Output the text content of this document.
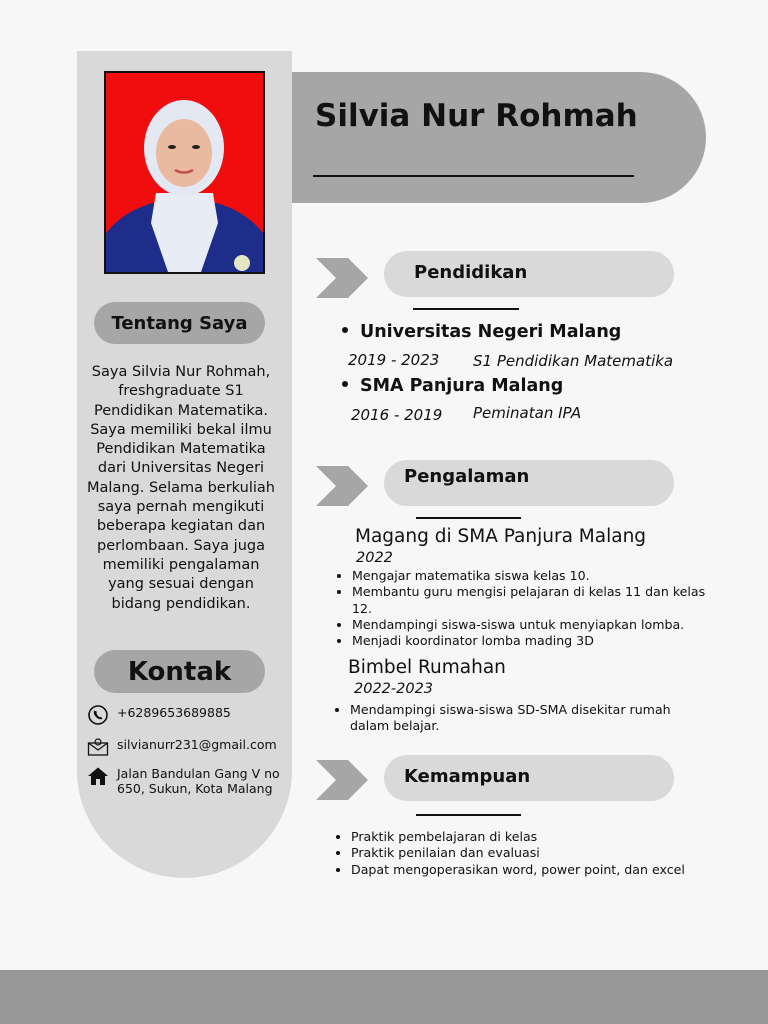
Tentang Saya

Saya Silvia Nur Rohmah, freshgraduate S1 Pendidikan Matematika. Saya memiliki bekal ilmu Pendidikan Matematika dari Universitas Negeri Malang. Selama berkuliah saya pernah mengikuti beberapa kegiatan dan perlombaan. Saya juga memiliki pengalaman yang sesuai dengan bidang pendidikan.

Kontak
+6289653689885
silvianurr231@gmail.com
Jalan Bandulan Gang V no 650, Sukun, Kota Malang
Silvia Nur Rohmah
Pendidikan
Universitas Negeri Malang
2019 - 2023 S1 Pendidikan Matematika
SMA Panjura Malang
2016 - 2019 Peminatan IPA
Pengalaman
Magang di SMA Panjura Malang
2022
• Mengajar matematika siswa kelas 10.
• Membantu guru mengisi pelajaran di kelas 11 dan kelas 12.
• Mendampingi siswa-siswa untuk menyiapkan lomba.
• Menjadi koordinator lomba mading 3D
Bimbel Rumahan
2022-2023
• Mendampingi siswa-siswa SD-SMA disekitar rumah dalam belajar.
Kemampuan
• Praktik pembelajaran di kelas
• Praktik penilaian dan evaluasi
• Dapat mengoperasikan word, power point, dan excel
